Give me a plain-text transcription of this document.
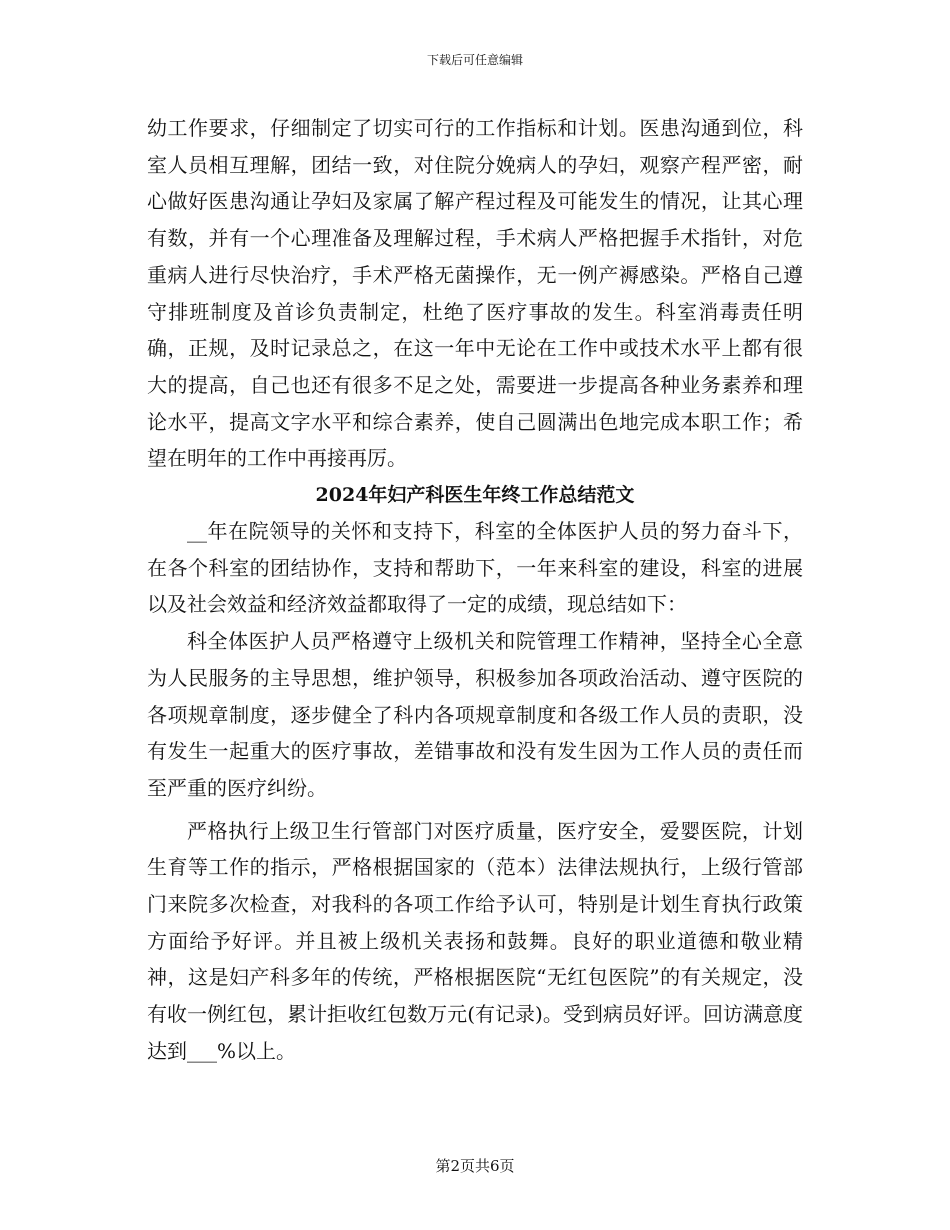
下载后可任意编辑

幼工作要求，仔细制定了切实可行的工作指标和计划。医患沟通到位，科室人员相互理解，团结一致，对住院分娩病人的孕妇，观察产程严密，耐心做好医患沟通让孕妇及家属了解产程过程及可能发生的情况，让其心理有数，并有一个心理准备及理解过程，手术病人严格把握手术指针，对危重病人进行尽快治疗，手术严格无菌操作，无一例产褥感染。严格自己遵守排班制度及首诊负责制定，杜绝了医疗事故的发生。科室消毒责任明确，正规，及时记录总之，在这一年中无论在工作中或技术水平上都有很大的提高，自己也还有很多不足之处，需要进一步提高各种业务素养和理论水平，提高文字水平和综合素养，使自己圆满出色地完成本职工作；希望在明年的工作中再接再厉。

2024年妇产科医生年终工作总结范文

__年在院领导的关怀和支持下，科室的全体医护人员的努力奋斗下，在各个科室的团结协作，支持和帮助下，一年来科室的建设，科室的进展以及社会效益和经济效益都取得了一定的成绩，现总结如下：

科全体医护人员严格遵守上级机关和院管理工作精神，坚持全心全意为人民服务的主导思想，维护领导，积极参加各项政治活动、遵守医院的各项规章制度，逐步健全了科内各项规章制度和各级工作人员的责职，没有发生一起重大的医疗事故，差错事故和没有发生因为工作人员的责任而至严重的医疗纠纷。

严格执行上级卫生行管部门对医疗质量，医疗安全，爱婴医院，计划生育等工作的指示，严格根据国家的（范本）法律法规执行，上级行管部门来院多次检查，对我科的各项工作给予认可，特别是计划生育执行政策方面给予好评。并且被上级机关表扬和鼓舞。良好的职业道德和敬业精神，这是妇产科多年的传统，严格根据医院“无红包医院”的有关规定，没有收一例红包，累计拒收红包数万元(有记录)。受到病员好评。回访满意度达到___%以上。

第2页共6页
